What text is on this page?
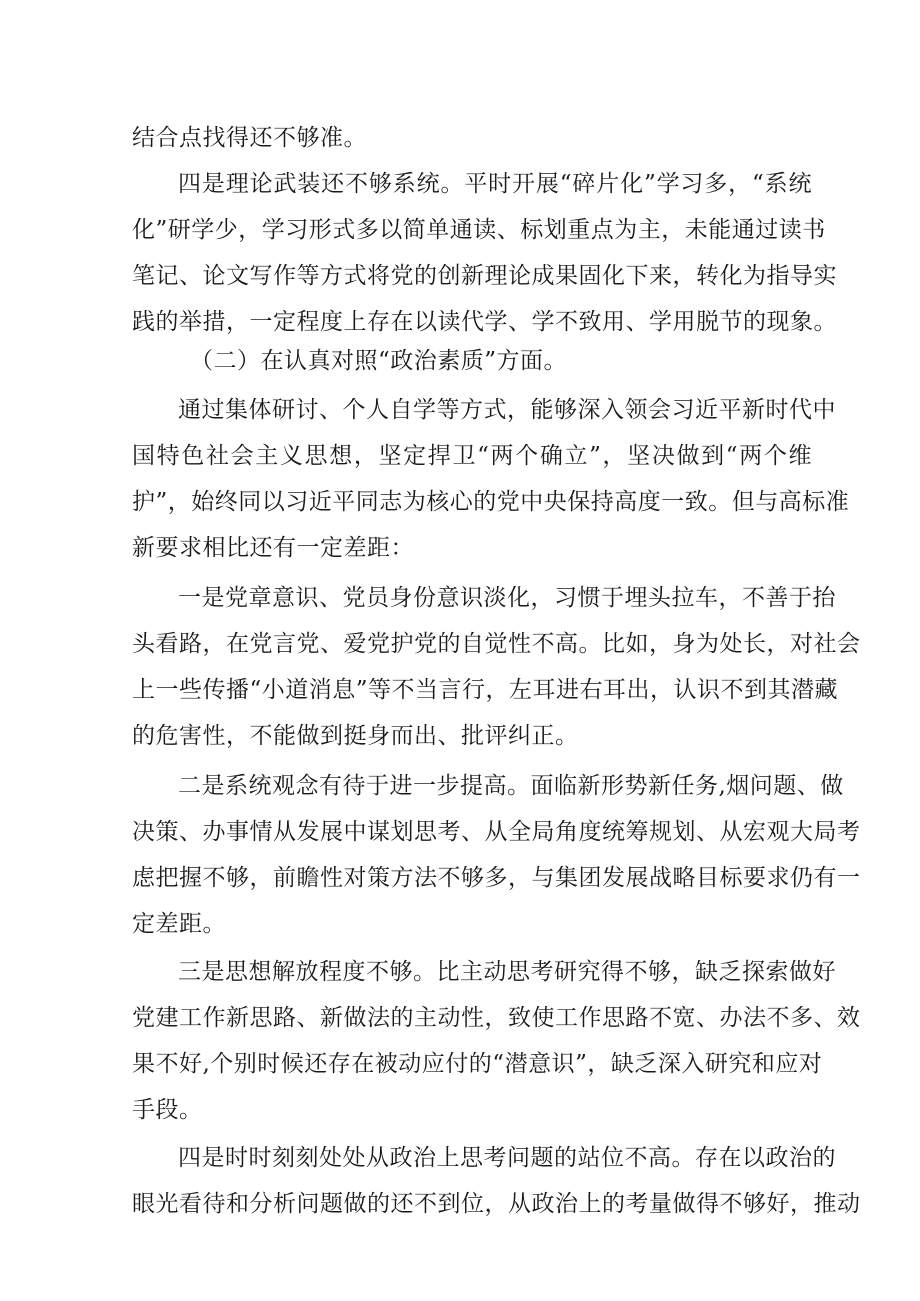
结合点找得还不够准。
四是理论武装还不够系统。平时开展“碎片化”学习多，“系统
化”研学少，学习形式多以简单通读、标划重点为主，未能通过读书
笔记、论文写作等方式将党的创新理论成果固化下来，转化为指导实
践的举措，一定程度上存在以读代学、学不致用、学用脱节的现象。
（二）在认真对照“政治素质”方面。
通过集体研讨、个人自学等方式，能够深入领会习近平新时代中
国特色社会主义思想，坚定捍卫“两个确立”，坚决做到“两个维
护”，始终同以习近平同志为核心的党中央保持高度一致。但与高标准
新要求相比还有一定差距：
一是党章意识、党员身份意识淡化，习惯于埋头拉车，不善于抬
头看路，在党言党、爱党护党的自觉性不高。比如，身为处长，对社会
上一些传播“小道消息”等不当言行，左耳进右耳出，认识不到其潜藏
的危害性，不能做到挺身而出、批评纠正。
二是系统观念有待于进一步提高。面临新形势新任务,烟问题、做
决策、办事情从发展中谋划思考、从全局角度统筹规划、从宏观大局考
虑把握不够，前瞻性对策方法不够多，与集团发展战略目标要求仍有一
定差距。
三是思想解放程度不够。比主动思考研究得不够，缺乏探索做好
党建工作新思路、新做法的主动性，致使工作思路不宽、办法不多、效
果不好,个别时候还存在被动应付的“潜意识”，缺乏深入研究和应对
手段。
四是时时刻刻处处从政治上思考问题的站位不高。存在以政治的
眼光看待和分析问题做的还不到位，从政治上的考量做得不够好，推动
